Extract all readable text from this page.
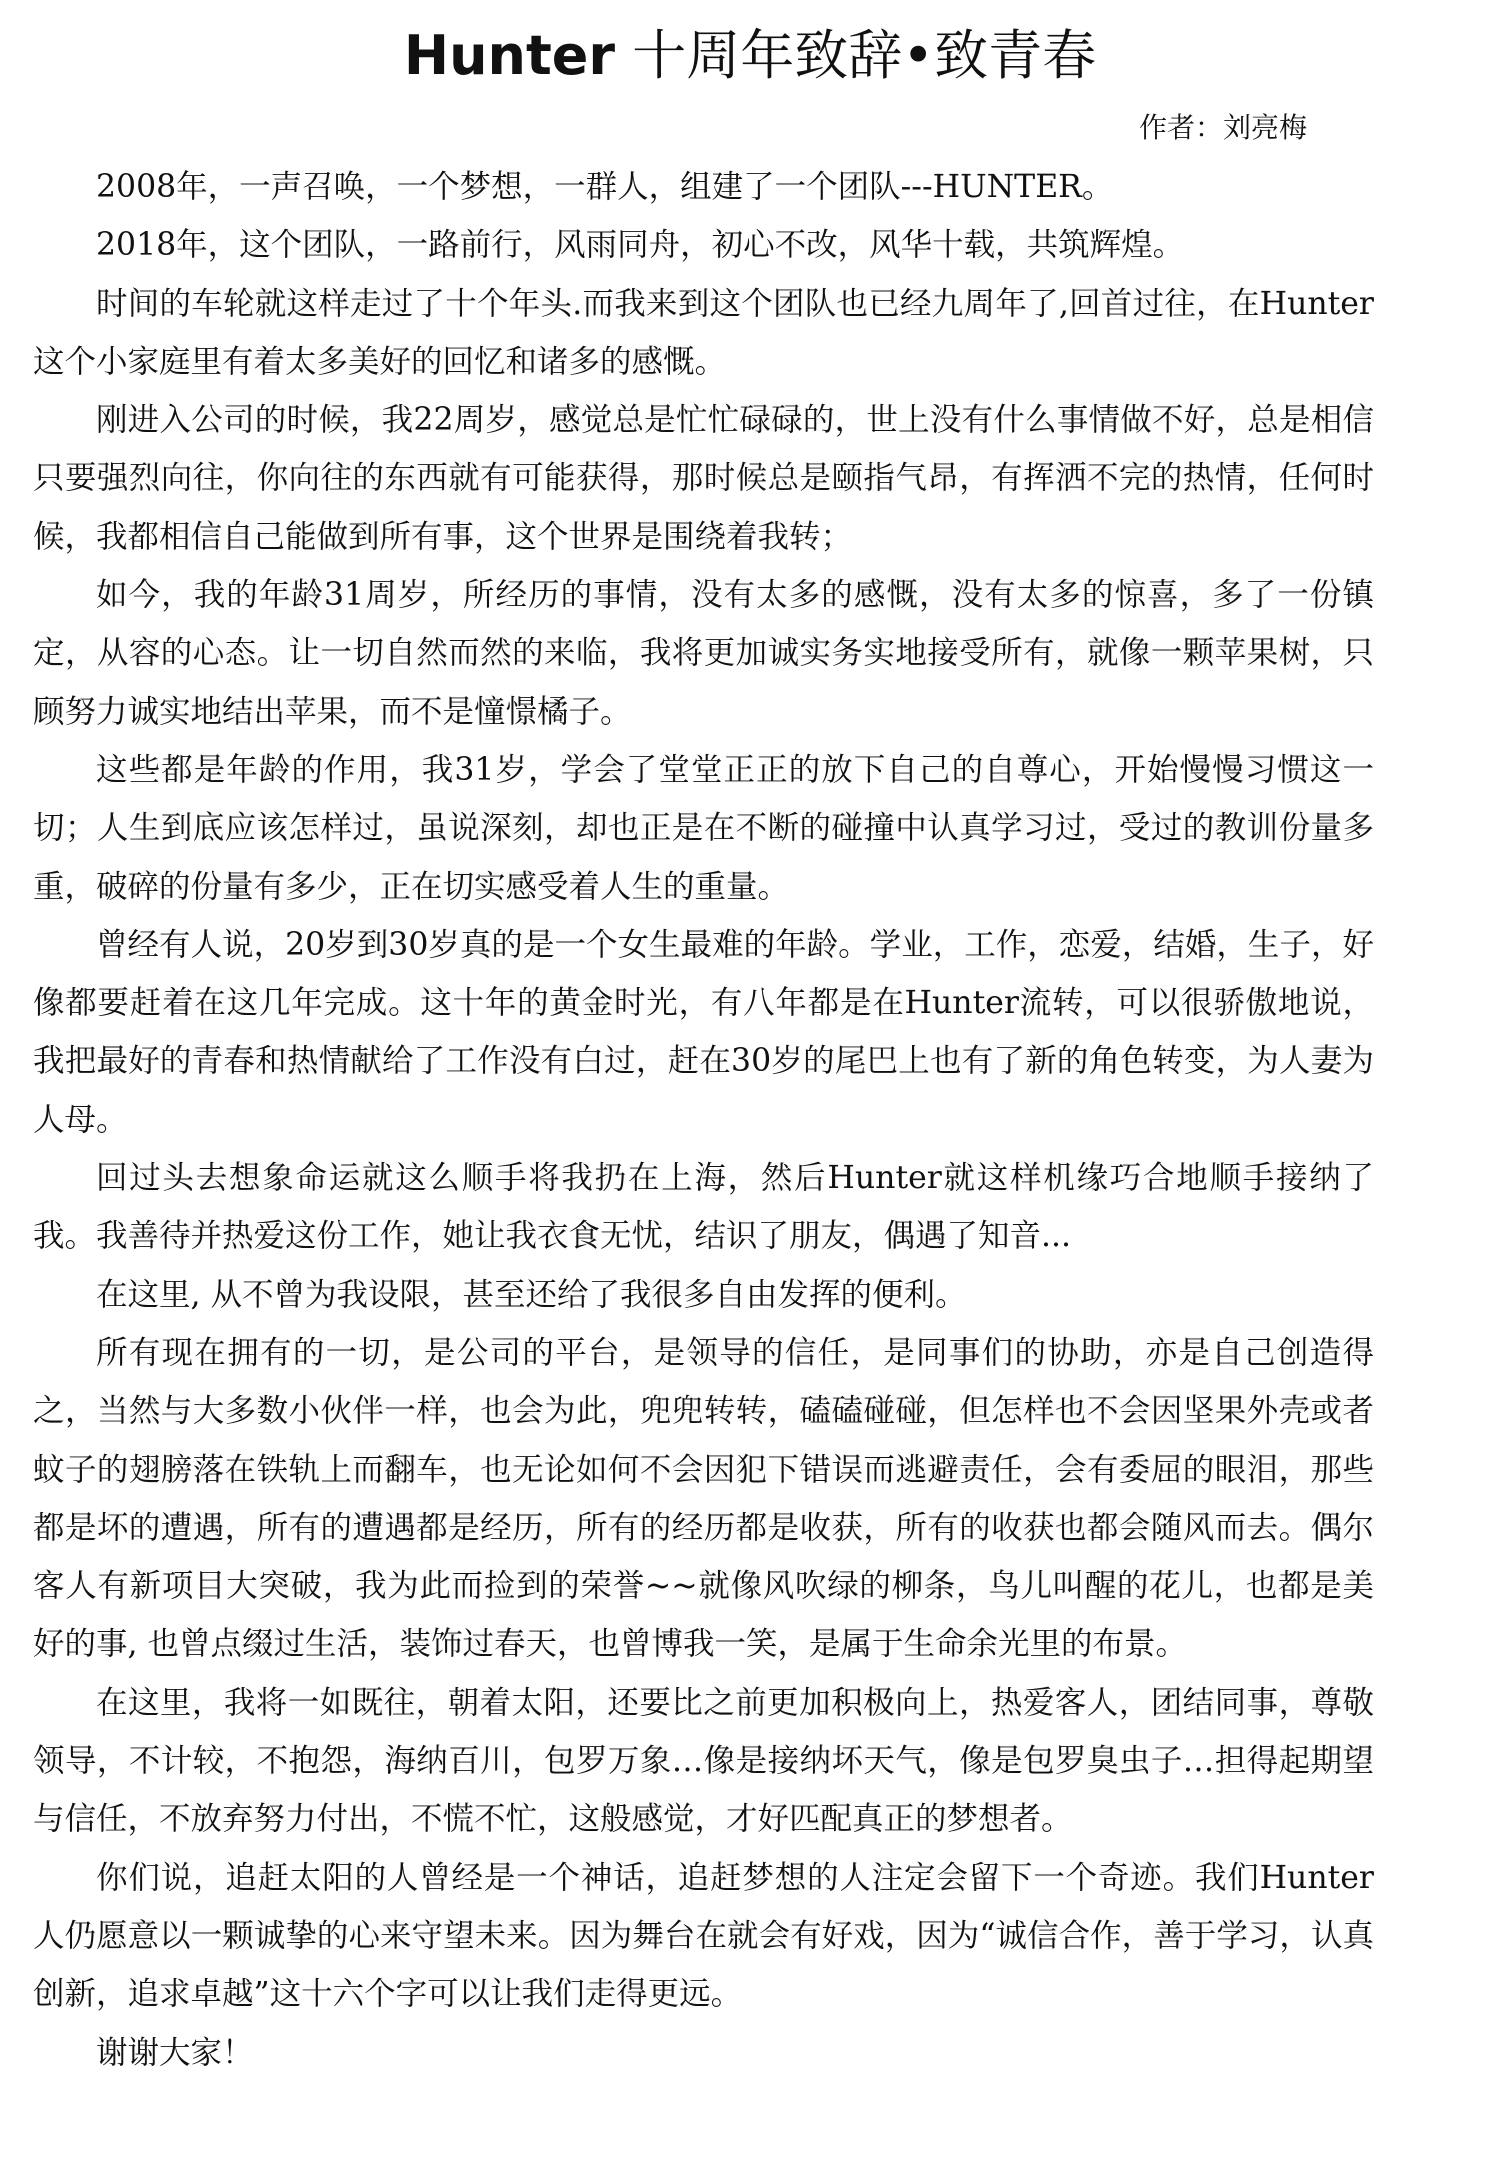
Hunter 十周年致辞•致青春
作者：刘亮梅

2008年，一声召唤，一个梦想，一群人，组建了一个团队---HUNTER。

2018年，这个团队，一路前行，风雨同舟，初心不改，风华十载，共筑辉煌。

时间的车轮就这样走过了十个年头.而我来到这个团队也已经九周年了,回首过往，在Hunter这个小家庭里有着太多美好的回忆和诸多的感慨。

刚进入公司的时候，我22周岁，感觉总是忙忙碌碌的，世上没有什么事情做不好，总是相信只要强烈向往，你向往的东西就有可能获得，那时候总是颐指气昂，有挥洒不完的热情，任何时候，我都相信自己能做到所有事，这个世界是围绕着我转；

如今，我的年龄31周岁，所经历的事情，没有太多的感慨，没有太多的惊喜，多了一份镇定，从容的心态。让一切自然而然的来临，我将更加诚实务实地接受所有，就像一颗苹果树，只顾努力诚实地结出苹果，而不是憧憬橘子。

这些都是年龄的作用，我31岁，学会了堂堂正正的放下自己的自尊心，开始慢慢习惯这一切；人生到底应该怎样过，虽说深刻，却也正是在不断的碰撞中认真学习过，受过的教训份量多重，破碎的份量有多少，正在切实感受着人生的重量。

曾经有人说，20岁到30岁真的是一个女生最难的年龄。学业，工作，恋爱，结婚，生子，好像都要赶着在这几年完成。这十年的黄金时光，有八年都是在Hunter流转，可以很骄傲地说，我把最好的青春和热情献给了工作没有白过，赶在30岁的尾巴上也有了新的角色转变，为人妻为人母。

回过头去想象命运就这么顺手将我扔在上海，然后Hunter就这样机缘巧合地顺手接纳了我。我善待并热爱这份工作，她让我衣食无忧，结识了朋友，偶遇了知音...

在这里, 从不曾为我设限，甚至还给了我很多自由发挥的便利。

所有现在拥有的一切，是公司的平台，是领导的信任，是同事们的协助，亦是自己创造得之，当然与大多数小伙伴一样，也会为此，兜兜转转，磕磕碰碰，但怎样也不会因坚果外壳或者蚊子的翅膀落在铁轨上而翻车，也无论如何不会因犯下错误而逃避责任，会有委屈的眼泪，那些都是坏的遭遇，所有的遭遇都是经历，所有的经历都是收获，所有的收获也都会随风而去。偶尔客人有新项目大突破，我为此而捡到的荣誉~~就像风吹绿的柳条，鸟儿叫醒的花儿，也都是美好的事, 也曾点缀过生活，装饰过春天，也曾博我一笑，是属于生命余光里的布景。

在这里，我将一如既往，朝着太阳，还要比之前更加积极向上，热爱客人，团结同事，尊敬领导，不计较，不抱怨，海纳百川，包罗万象…像是接纳坏天气，像是包罗臭虫子…担得起期望与信任，不放弃努力付出，不慌不忙，这般感觉，才好匹配真正的梦想者。

你们说，追赶太阳的人曾经是一个神话，追赶梦想的人注定会留下一个奇迹。我们Hunter人仍愿意以一颗诚挚的心来守望未来。因为舞台在就会有好戏，因为“诚信合作，善于学习，认真创新，追求卓越”这十六个字可以让我们走得更远。

谢谢大家！
